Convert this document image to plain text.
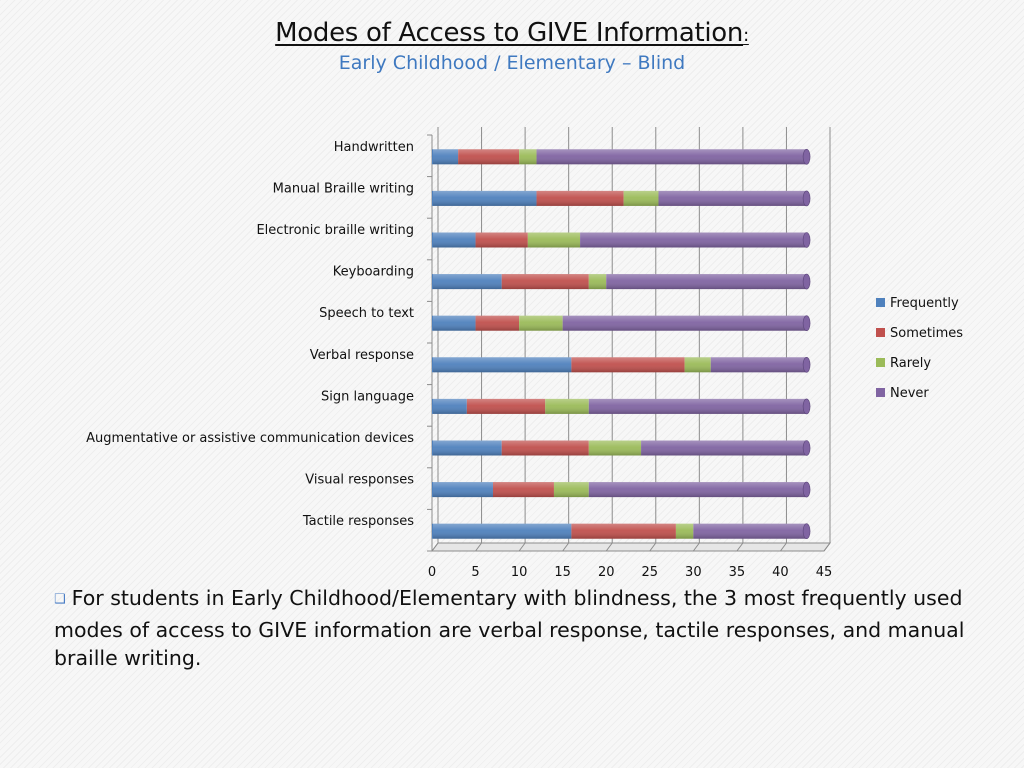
Modes of Access to GIVE Information:
Early Childhood / Elementary – Blind
Handwritten
Manual Braille writing
Electronic braille writing
Keyboarding
Speech to text
Verbal response
Sign language
Augmentative or assistive communication devices
Visual responses
Tactile responses
0	5 10 15 20 25 30 35 40 45
Frequently
Sometimes
Rarely
Never
❑ For students in Early Childhood/Elementary with blindness, the 3 most frequently used modes of access to GIVE information are verbal response, tactile responses, and manual braille writing.
